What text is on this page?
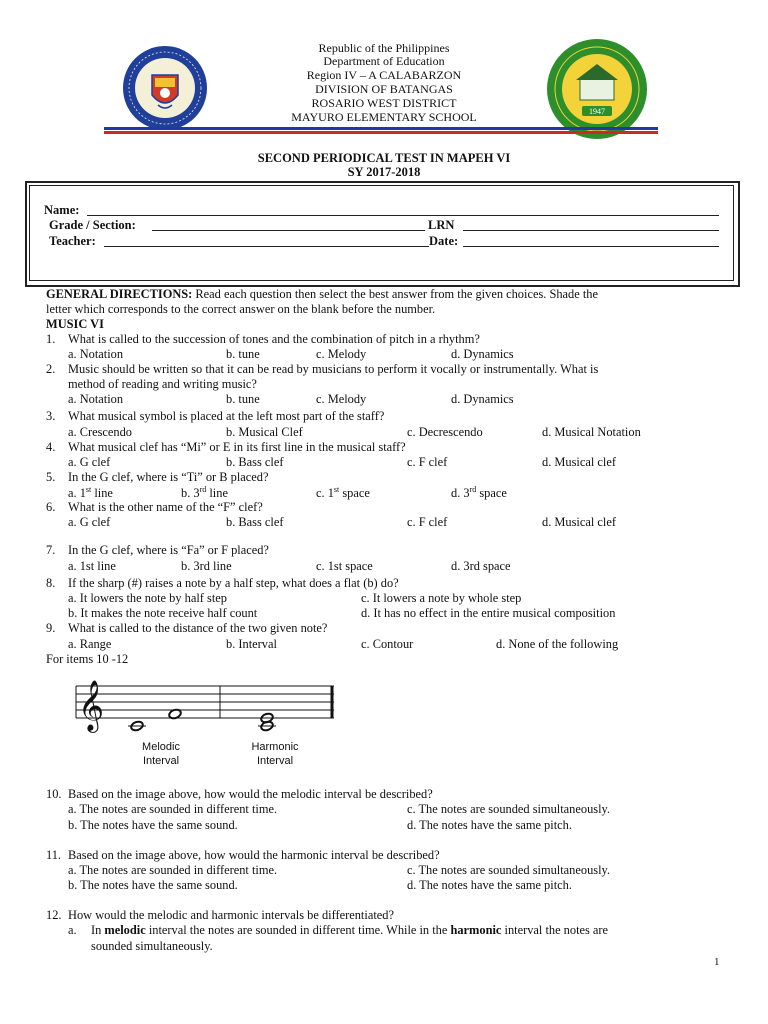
1947
Republic of the Philippines
Department of Education
Region IV – A CALABARZON
DIVISION OF BATANGAS
ROSARIO WEST DISTRICT
MAYURO ELEMENTARY SCHOOL
SECOND PERIODICAL TEST IN MAPEH VI
SY 2017-2018
Name:
Grade / Section:	LRN
Teacher:	Date:
GENERAL DIRECTIONS: Read each question then select the best answer from the given choices. Shade the
letter which corresponds to the correct answer on the blank before the number.
MUSIC VI
1. What is called to the succession of tones and the combination of pitch in a rhythm?
a. Notation	b. tune	c. Melody	d. Dynamics
2. Music should be written so that it can be read by musicians to perform it vocally or instrumentally. What is
method of reading and writing music?
a. Notation	b. tune	c. Melody	d. Dynamics
3. What musical symbol is placed at the left most part of the staff?
a. Crescendo	b. Musical Clef	c. Decrescendo	d. Musical Notation
4. What musical clef has “Mi” or E in its first line in the musical staff?
a. G clef	b. Bass clef	c. F clef	d. Musical clef
5. In the G clef, where is “Ti” or B placed?
a. 1st line	b. 3rd line	c. 1st space	d. 3rd space
6. What is the other name of the “F” clef?
a. G clef	b. Bass clef	c. F clef	d. Musical clef
7. In the G clef, where is “Fa” or F placed?
a. 1st line	b. 3rd line	c. 1st space	d. 3rd space
8. If the sharp (#) raises a note by a half step, what does a flat (b) do?
a. It lowers the note by half step	c. It lowers a note by whole step
b. It makes the note receive half count	d. It has no effect in the entire musical composition
9. What is called to the distance of the two given note?
a. Range	b. Interval	c. Contour	d. None of the following
For items 10 -12
𝄞
Melodic
Interval
Harmonic
Interval
10. Based on the image above, how would the melodic interval be described?
a. The notes are sounded in different time.	c. The notes are sounded simultaneously.
b. The notes have the same sound.	d. The notes have the same pitch.
11. Based on the image above, how would the harmonic interval be described?
a. The notes are sounded in different time.	c. The notes are sounded simultaneously.
b. The notes have the same sound.	d. The notes have the same pitch.
12. How would the melodic and harmonic intervals be differentiated?
a. In melodic interval the notes are sounded in different time. While in the harmonic interval the notes are
sounded simultaneously.
1
